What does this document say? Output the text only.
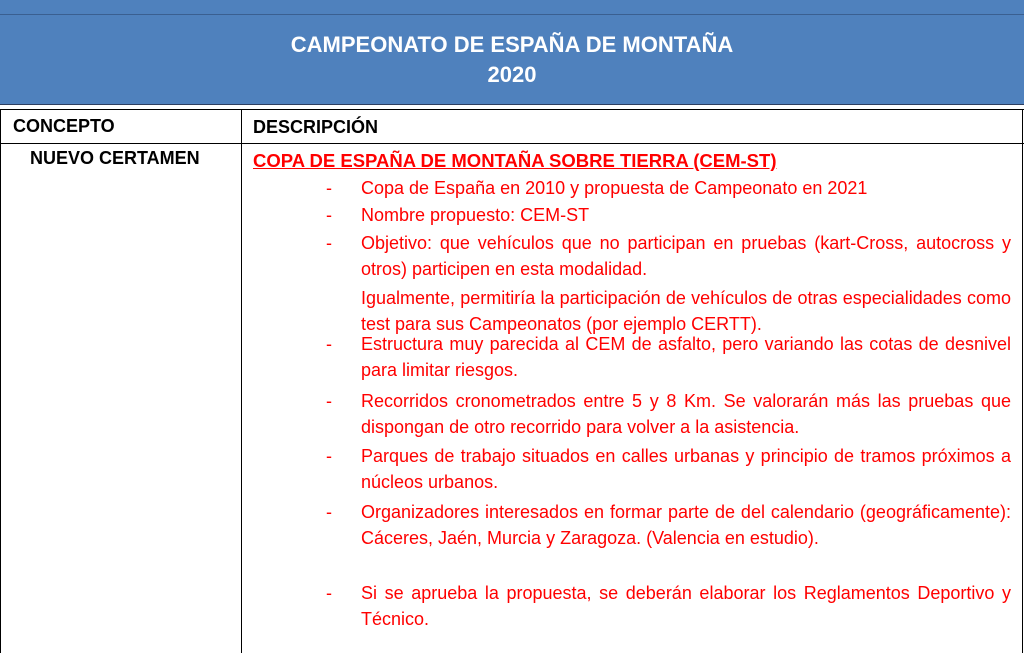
CAMPEONATO DE ESPAÑA DE MONTAÑA
2020
CONCEPTO	DESCRIPCIÓN
NUEVO CERTAMEN	COPA DE ESPAÑA DE MONTAÑA SOBRE TIERRA (CEM-ST)
- Copa de España en 2010 y propuesta de Campeonato en 2021
- Nombre propuesto: CEM-ST
- Objetivo: que vehículos que no participan en pruebas (kart-Cross, autocross y otros) participen en esta modalidad.
Igualmente, permitiría la participación de vehículos de otras especialidades como test para sus Campeonatos (por ejemplo CERTT).
- Estructura muy parecida al CEM de asfalto, pero variando las cotas de desnivel para limitar riesgos.
- Recorridos cronometrados entre 5 y 8 Km. Se valorarán más las pruebas que dispongan de otro recorrido para volver a la asistencia.
- Parques de trabajo situados en calles urbanas y principio de tramos próximos a núcleos urbanos.
- Organizadores interesados en formar parte de del calendario (geográficamente): Cáceres, Jaén, Murcia y Zaragoza. (Valencia en estudio).
- Si se aprueba la propuesta, se deberán elaborar los Reglamentos Deportivo y Técnico.
